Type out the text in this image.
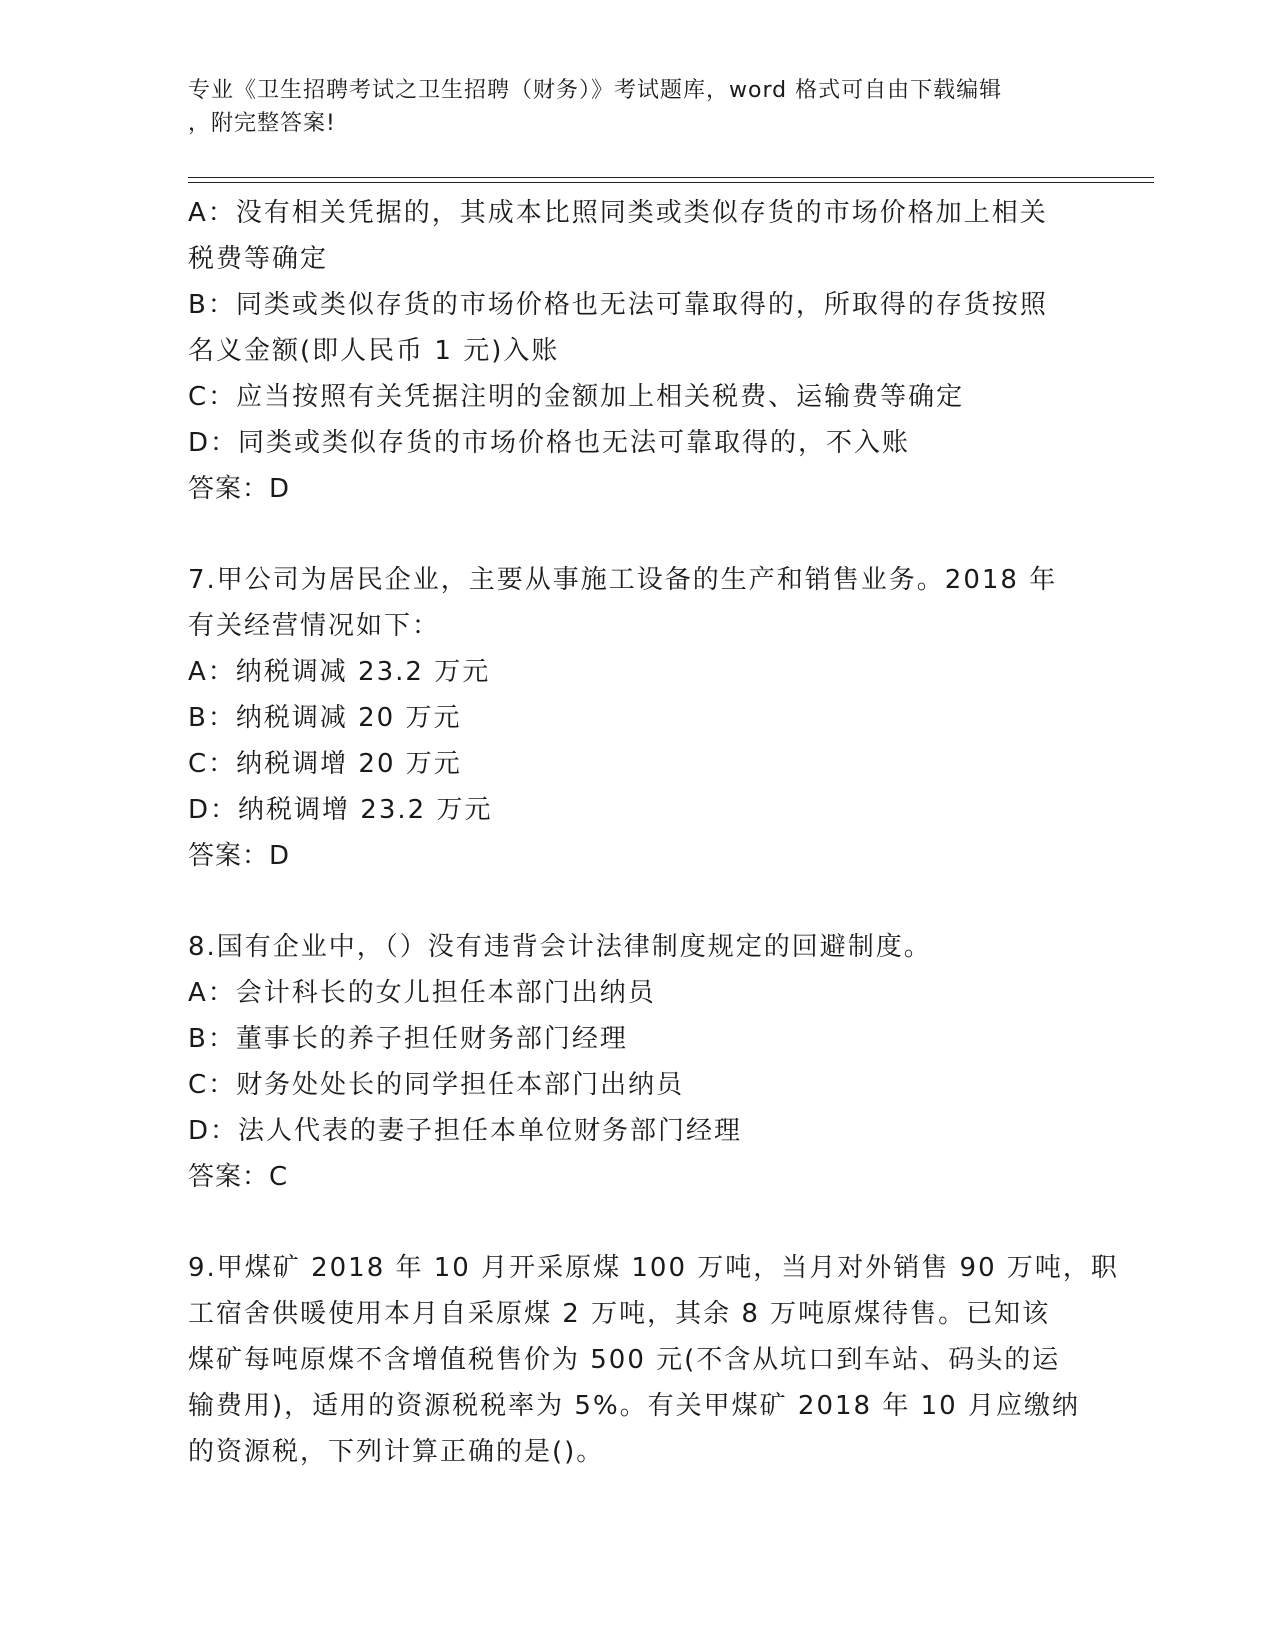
专业《卫生招聘考试之卫生招聘（财务）》考试题库，word 格式可自由下载编辑
，附完整答案!
A：没有相关凭据的，其成本比照同类或类似存货的市场价格加上相关
税费等确定
B：同类或类似存货的市场价格也无法可靠取得的，所取得的存货按照
名义金额(即人民币 1 元)入账
C：应当按照有关凭据注明的金额加上相关税费、运输费等确定
D：同类或类似存货的市场价格也无法可靠取得的，不入账
答案：D
7.甲公司为居民企业，主要从事施工设备的生产和销售业务。2018 年
有关经营情况如下：
A：纳税调减 23.2 万元
B：纳税调减 20 万元
C：纳税调增 20 万元
D：纳税调增 23.2 万元
答案：D
8.国有企业中，（）没有违背会计法律制度规定的回避制度。
A：会计科长的女儿担任本部门出纳员
B：董事长的养子担任财务部门经理
C：财务处处长的同学担任本部门出纳员
D：法人代表的妻子担任本单位财务部门经理
答案：C
9.甲煤矿 2018 年 10 月开采原煤 100 万吨，当月对外销售 90 万吨，职
工宿舍供暖使用本月自采原煤 2 万吨，其余 8 万吨原煤待售。已知该
煤矿每吨原煤不含增值税售价为 500 元(不含从坑口到车站、码头的运
输费用)，适用的资源税税率为 5%。有关甲煤矿 2018 年 10 月应缴纳
的资源税，下列计算正确的是()。
